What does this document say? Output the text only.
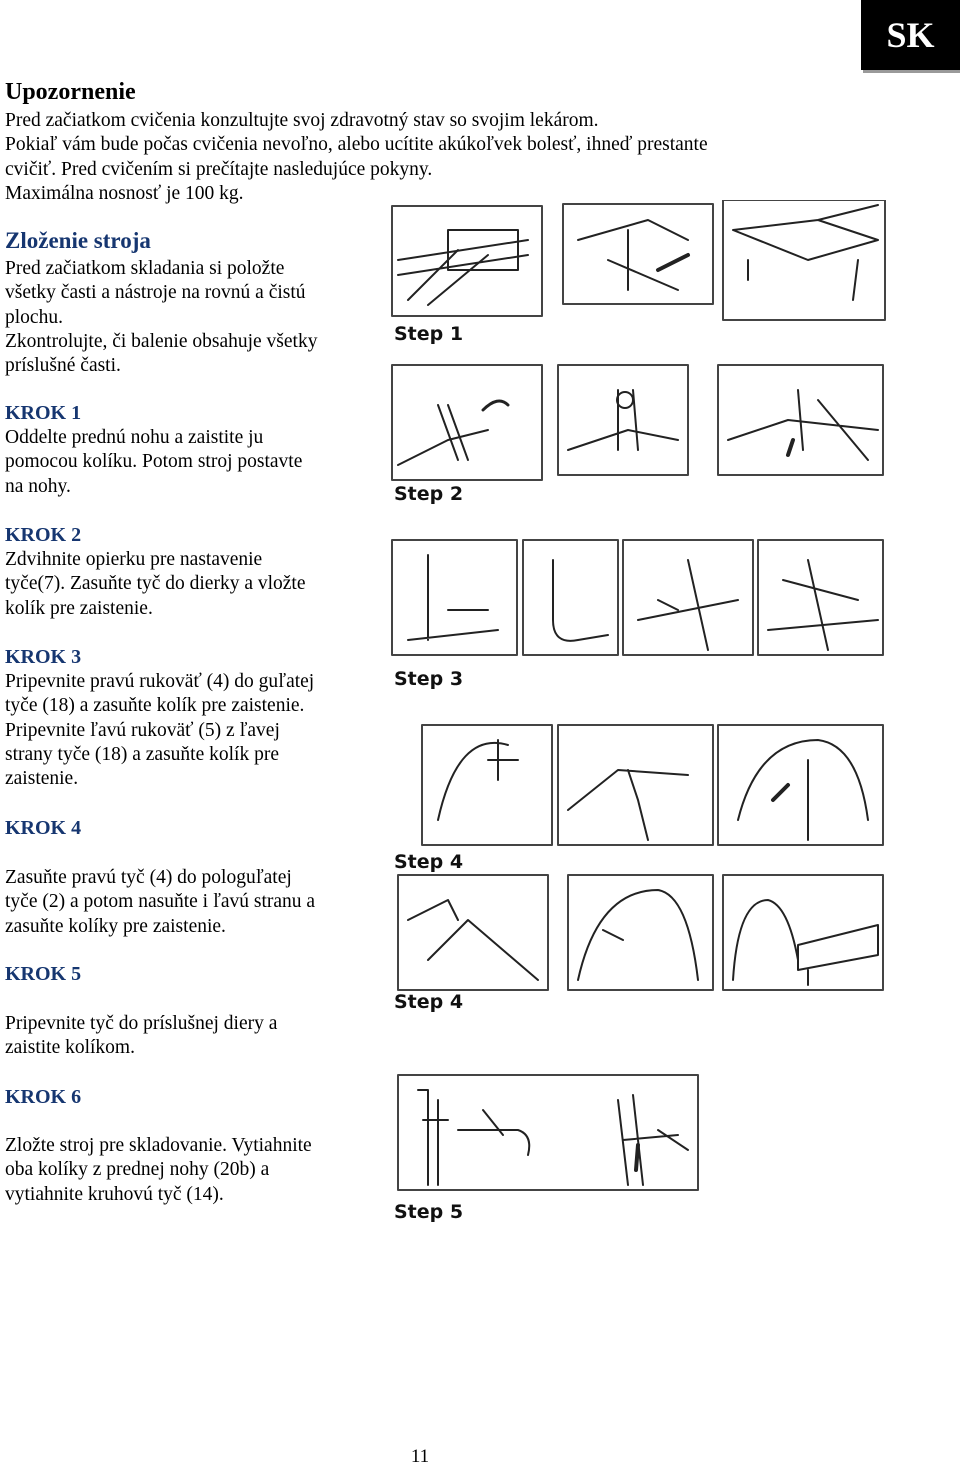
SK
Upozornenie

Pred začiatkom cvičenia konzultujte svoj zdravotný stav so svojim lekárom.

Pokiaľ vám bude počas cvičenia nevoľno, alebo ucítite akúkoľvek bolesť, ihneď prestante

cvičiť. Pred cvičením si prečítajte nasledujúce pokyny.

Maximálna nosnosť je 100 kg.

Zloženie stroja

Pred začiatkom skladania si položte

všetky časti a nástroje na rovnú a čistú

plochu.

Zkontrolujte, či balenie obsahuje všetky

príslušné časti.

KROK 1

Oddelte prednú nohu a zaistite ju

pomocou kolíku. Potom stroj postavte

na nohy.

KROK 2

Zdvihnite opierku pre nastavenie

tyče(7). Zasuňte tyč do dierky a vložte

kolík pre zaistenie.

KROK 3

Pripevnite pravú rukoväť (4) do guľatej

tyče (18) a zasuňte kolík pre zaistenie.

Pripevnite ľavú rukoväť (5) z ľavej

strany tyče (18) a zasuňte kolík pre

zaistenie.

KROK 4

Zasuňte pravú tyč (4) do pologuľatej

tyče (2) a potom nasuňte i ľavú stranu a

zasuňte kolíky pre zaistenie.

KROK 5

Pripevnite tyč do príslušnej diery a

zaistite kolíkom.

KROK 6

Zložte stroj pre skladovanie. Vytiahnite

oba kolíky z prednej nohy (20b) a

vytiahnite kruhovú tyč (14).

Step 1
Step 2
Step 3
Step 4
Step 4
Step 5
11
